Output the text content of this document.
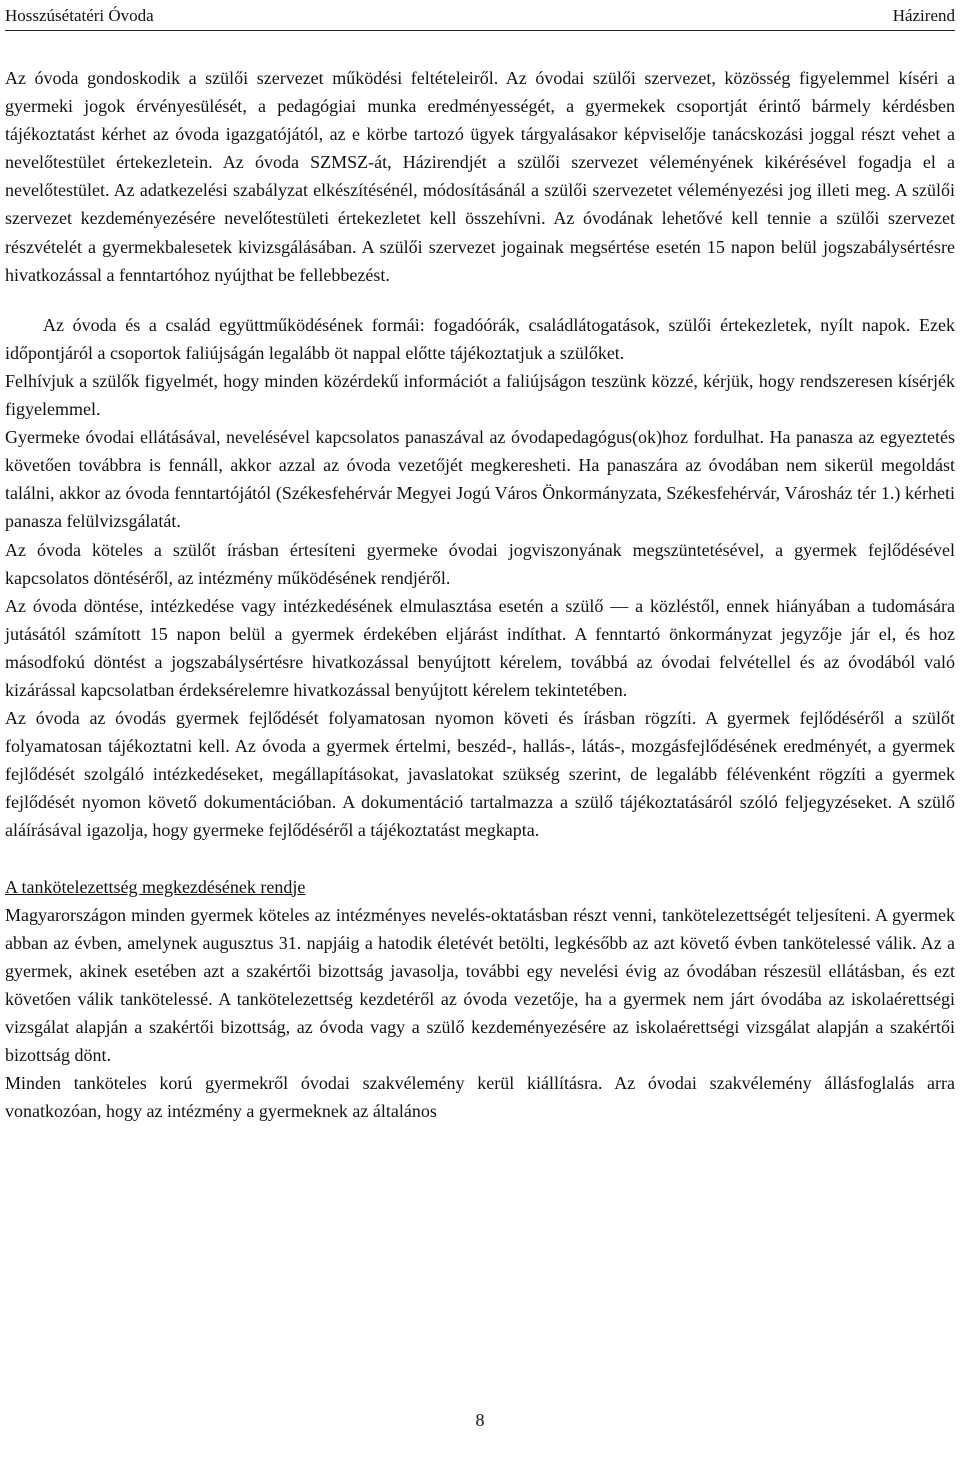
Hosszúsétatéri Óvoda	Házirend

Az óvoda gondoskodik a szülői szervezet működési feltételeiről. Az óvodai szülői szervezet, közösség figyelemmel kíséri a gyermeki jogok érvényesülését, a pedagógiai munka eredményességét, a gyermekek csoportját érintő bármely kérdésben tájékoztatást kérhet az óvoda igazgatójától, az e körbe tartozó ügyek tárgyalásakor képviselője tanácskozási joggal részt vehet a nevelőtestület értekezletein. Az óvoda SZMSZ-át, Házirendjét a szülői szervezet véleményének kikérésével fogadja el a nevelőtestület. Az adatkezelési szabályzat elkészítésénél, módosításánál a szülői szervezetet véleményezési jog illeti meg. A szülői szervezet kezdeményezésére nevelőtestületi értekezletet kell összehívni. Az óvodának lehetővé kell tennie a szülői szervezet részvételét a gyermekbalesetek kivizsgálásában. A szülői szervezet jogainak megsértése esetén 15 napon belül jogszabálysértésre hivatkozással a fenntartóhoz nyújthat be fellebbezést.

Az óvoda és a család együttműködésének formái: fogadóórák, családlátogatások, szülői értekezletek, nyílt napok. Ezek időpontjáról a csoportok faliújságán legalább öt nappal előtte tájékoztatjuk a szülőket.

Felhívjuk a szülők figyelmét, hogy minden közérdekű információt a faliújságon teszünk közzé, kérjük, hogy rendszeresen kísérjék figyelemmel.

Gyermeke óvodai ellátásával, nevelésével kapcsolatos panaszával az óvodapedagógus(ok)hoz fordulhat. Ha panasza az egyeztetés követően továbbra is fennáll, akkor azzal az óvoda vezetőjét megkeresheti. Ha panaszára az óvodában nem sikerül megoldást találni, akkor az óvoda fenntartójától (Székesfehérvár Megyei Jogú Város Önkormányzata, Székesfehérvár, Városház tér 1.) kérheti panasza felülvizsgálatát.

Az óvoda köteles a szülőt írásban értesíteni gyermeke óvodai jogviszonyának megszüntetésével, a gyermek fejlődésével kapcsolatos döntéséről, az intézmény működésének rendjéről.

Az óvoda döntése, intézkedése vagy intézkedésének elmulasztása esetén a szülő — a közléstől, ennek hiányában a tudomására jutásától számított 15 napon belül a gyermek érdekében eljárást indíthat. A fenntartó önkormányzat jegyzője jár el, és hoz másodfokú döntést a jogszabálysértésre hivatkozással benyújtott kérelem, továbbá az óvodai felvétellel és az óvodából való kizárással kapcsolatban érdeksérelemre hivatkozással benyújtott kérelem tekintetében.

Az óvoda az óvodás gyermek fejlődését folyamatosan nyomon követi és írásban rögzíti. A gyermek fejlődéséről a szülőt folyamatosan tájékoztatni kell. Az óvoda a gyermek értelmi, beszéd-, hallás-, látás-, mozgásfejlődésének eredményét, a gyermek fejlődését szolgáló intézkedéseket, megállapításokat, javaslatokat szükség szerint, de legalább félévenként rögzíti a gyermek fejlődését nyomon követő dokumentációban. A dokumentáció tartalmazza a szülő tájékoztatásáról szóló feljegyzéseket. A szülő aláírásával igazolja, hogy gyermeke fejlődéséről a tájékoztatást megkapta.

A tankötelezettség megkezdésének rendje

Magyarországon minden gyermek köteles az intézményes nevelés-oktatásban részt venni, tankötelezettségét teljesíteni. A gyermek abban az évben, amelynek augusztus 31. napjáig a hatodik életévét betölti, legkésőbb az azt követő évben tankötelessé válik. Az a gyermek, akinek esetében azt a szakértői bizottság javasolja, további egy nevelési évig az óvodában részesül ellátásban, és ezt követően válik tankötelessé. A tankötelezettség kezdetéről az óvoda vezetője, ha a gyermek nem járt óvodába az iskolaérettségi vizsgálat alapján a szakértői bizottság, az óvoda vagy a szülő kezdeményezésére az iskolaérettségi vizsgálat alapján a szakértői bizottság dönt.

Minden tanköteles korú gyermekről óvodai szakvélemény kerül kiállításra. Az óvodai szakvélemény állásfoglalás arra vonatkozóan, hogy az intézmény a gyermeknek az általános

8
